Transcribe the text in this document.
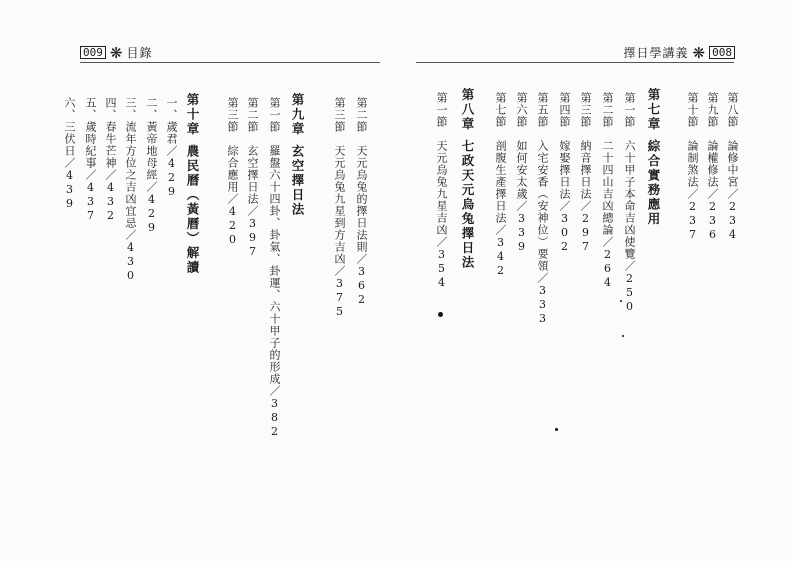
009 ❋ 目錄
第二節天元烏兔的擇日法則／362
第三節天元烏兔九星到方吉凶／375
第九章玄空擇日法
第一節羅盤六十四卦、卦氣、卦運、六十甲子的形成／382
第二節玄空擇日法／397
第三節綜合應用／420
第十章農民曆（黃曆）解讀
一、歲君／429
二、黃帝地母經／429
三、流年方位之吉凶宜忌／430
四、春牛芒神／432
五、歲時紀事／437
六、三伏日／439
擇日學講義 ❋ 008
第八節論修中宮／234
第九節論權修法／236
第十節論制煞法／237
第七章綜合實務應用
第一節六十甲子本命吉凶使覽／250
第二節二十四山吉凶總論／264
第三節納音擇日法／297
第四節嫁娶擇日法／302
第五節入宅安香（安神位）要領／333
第六節如何安太歲／339
第七節剖腹生產擇日法／342
第八章七政天元烏兔擇日法
第一節天元烏兔九星吉凶／354
